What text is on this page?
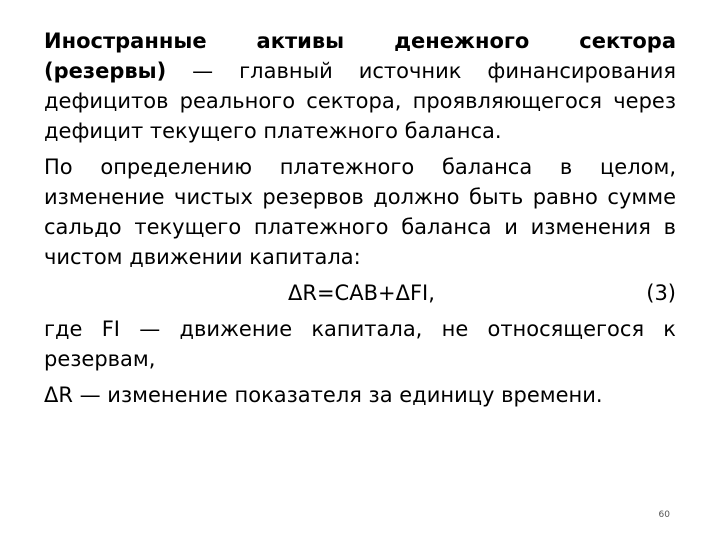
Иностранные активы денежного сектора (резервы) — главный источник финансирования дефицитов реального сектора, проявляющегося через дефицит текущего платежного баланса.

По определению платежного баланса в целом, изменение чистых резервов должно быть равно сумме сальдо текущего платежного баланса и изменения в чистом движении капитала:

ΔR=CAB+ΔFI,	(3)

где FI — движение капитала, не относящегося к резервам,

ΔR — изменение показателя за единицу времени.

60
